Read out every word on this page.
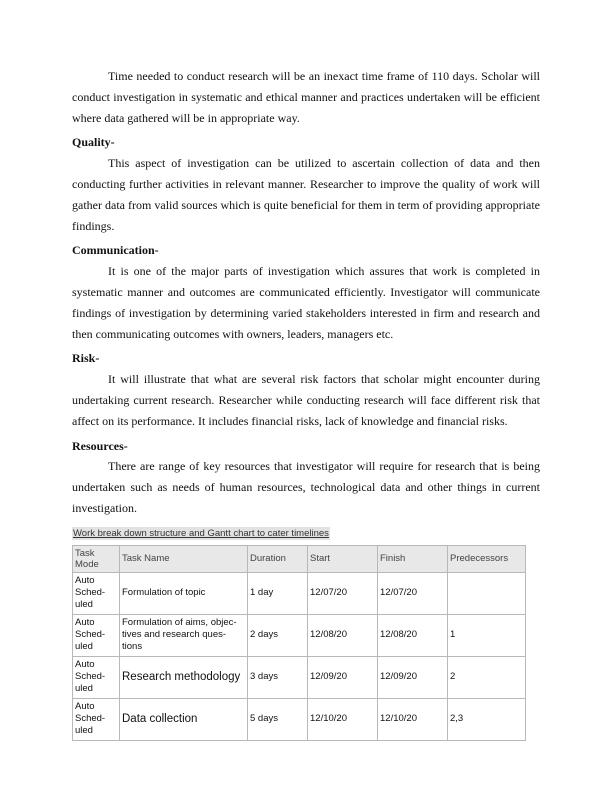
Time needed to conduct research will be an inexact time frame of 110 days. Scholar will conduct investigation in systematic and ethical manner and practices undertaken will be efficient where data gathered will be in appropriate way.

Quality-

This aspect of investigation can be utilized to ascertain collection of data and then conducting further activities in relevant manner. Researcher to improve the quality of work will gather data from valid sources which is quite beneficial for them in term of providing appropriate findings.

Communication-

It is one of the major parts of investigation which assures that work is completed in systematic manner and outcomes are communicated efficiently. Investigator will communicate findings of investigation by determining varied stakeholders interested in firm and research and then communicating outcomes with owners, leaders, managers etc.

Risk-

It will illustrate that what are several risk factors that scholar might encounter during undertaking current research. Researcher while conducting research will face different risk that affect on its performance. It includes financial risks, lack of knowledge and financial risks.

Resources-

There are range of key resources that investigator will require for research that is being undertaken such as needs of human resources, technological data and other things in current investigation.

Work break down structure and Gantt chart to cater timelines
Task Mode	Task Name	Duration	Start	Finish	Predecessors
Auto Sched-uled	Formulation of topic	1 day	12/07/20	12/07/20	
Auto Sched-uled	Formulation of aims, objec-tives and research ques-tions	2 days	12/08/20	12/08/20	1
Auto Sched-uled	Research methodology	3 days	12/09/20	12/09/20	2
Auto Sched-uled	Data collection	5 days	12/10/20	12/10/20	2,3
